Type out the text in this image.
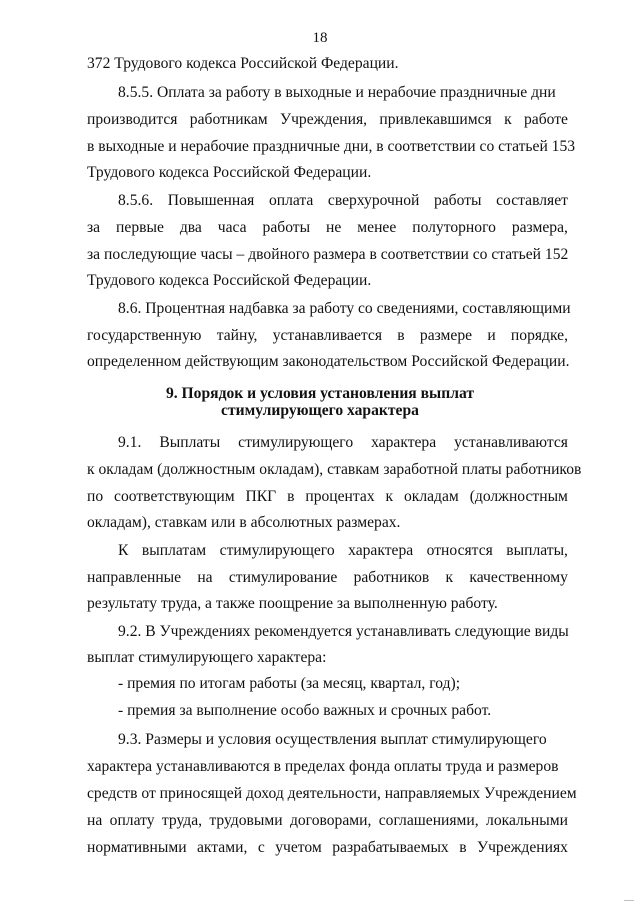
18
372 Трудового кодекса Российской Федерации.
8.5.5. Оплата за работу в выходные и нерабочие праздничные дни
производится работникам Учреждения, привлекавшимся к работе
в выходные и нерабочие праздничные дни, в соответствии со статьей 153
Трудового кодекса Российской Федерации.
8.5.6. Повышенная оплата сверхурочной работы составляет
за первые два часа работы не менее полуторного размера,
за последующие часы – двойного размера в соответствии со статьей 152
Трудового кодекса Российской Федерации.
8.6. Процентная надбавка за работу со сведениями, составляющими
государственную тайну, устанавливается в размере и порядке,
определенном действующим законодательством Российской Федерации.
9. Порядок и условия установления выплат
стимулирующего характера
9.1. Выплаты стимулирующего характера устанавливаются
к окладам (должностным окладам), ставкам заработной платы работников
по соответствующим ПКГ в процентах к окладам (должностным
окладам), ставкам или в абсолютных размерах.
К выплатам стимулирующего характера относятся выплаты,
направленные на стимулирование работников к качественному
результату труда, а также поощрение за выполненную работу.
9.2. В Учреждениях рекомендуется устанавливать следующие виды
выплат стимулирующего характера:
- премия по итогам работы (за месяц, квартал, год);
- премия за выполнение особо важных и срочных работ.
9.3. Размеры и условия осуществления выплат стимулирующего
характера устанавливаются в пределах фонда оплаты труда и размеров
средств от приносящей доход деятельности, направляемых Учреждением
на оплату труда, трудовыми договорами, соглашениями, локальными
нормативными актами, с учетом разрабатываемых в Учреждениях
